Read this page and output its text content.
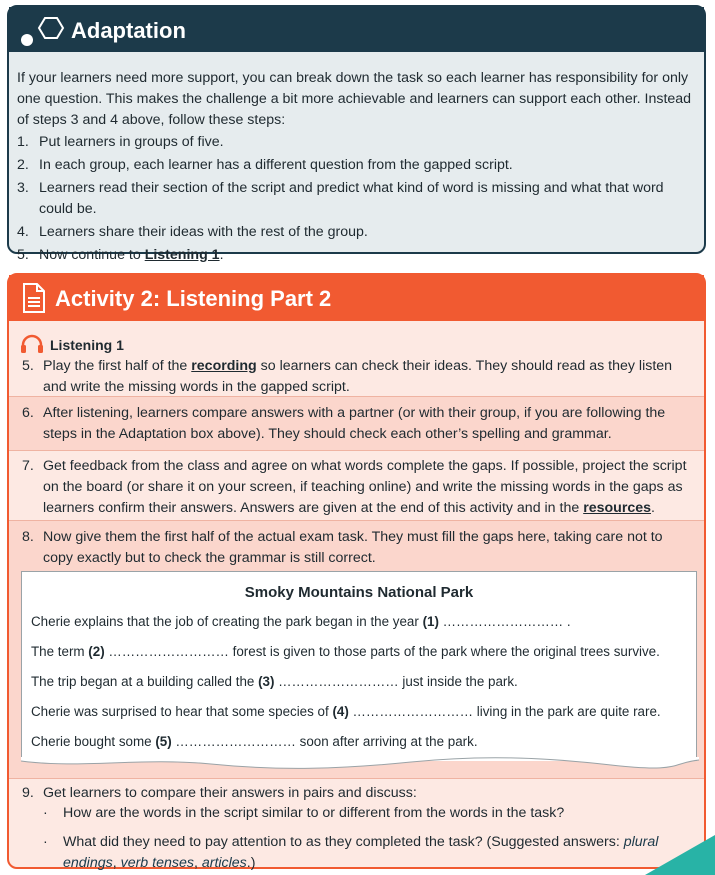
Adaptation

If your learners need more support, you can break down the task so each learner has responsibility for only one question. This makes the challenge a bit more achievable and learners can support each other. Instead of steps 3 and 4 above, follow these steps:

1. Put learners in groups of five.
2. In each group, each learner has a different question from the gapped script.
3. Learners read their section of the script and predict what kind of word is missing and what that word could be.
4. Learners share their ideas with the rest of the group.
5. Now continue to Listening 1.
Activity 2: Listening Part 2
Listening 1
5. Play the first half of the recording so learners can check their ideas. They should read as they listen and write the missing words in the gapped script.
6. After listening, learners compare answers with a partner (or with their group, if you are following the steps in the Adaptation box above). They should check each other’s spelling and grammar.
7. Get feedback from the class and agree on what words complete the gaps. If possible, project the script on the board (or share it on your screen, if teaching online) and write the missing words in the gaps as learners confirm their answers. Answers are given at the end of this activity and in the resources.
8. Now give them the first half of the actual exam task. They must fill the gaps here, taking care not to copy exactly but to check the grammar is still correct.
Smoky Mountains National Park
Cherie explains that the job of creating the park began in the year (1) ……………………… .
The term (2) ……………………… forest is given to those parts of the park where the original trees survive.
The trip began at a building called the (3) ……………………… just inside the park.
Cherie was surprised to hear that some species of (4) ……………………… living in the park are quite rare.
Cherie bought some (5) ……………………… soon after arriving at the park.
9. Get learners to compare their answers in pairs and discuss:
· How are the words in the script similar to or different from the words in the task?
· What did they need to pay attention to as they completed the task? (Suggested answers: plural endings, verb tenses, articles.)
